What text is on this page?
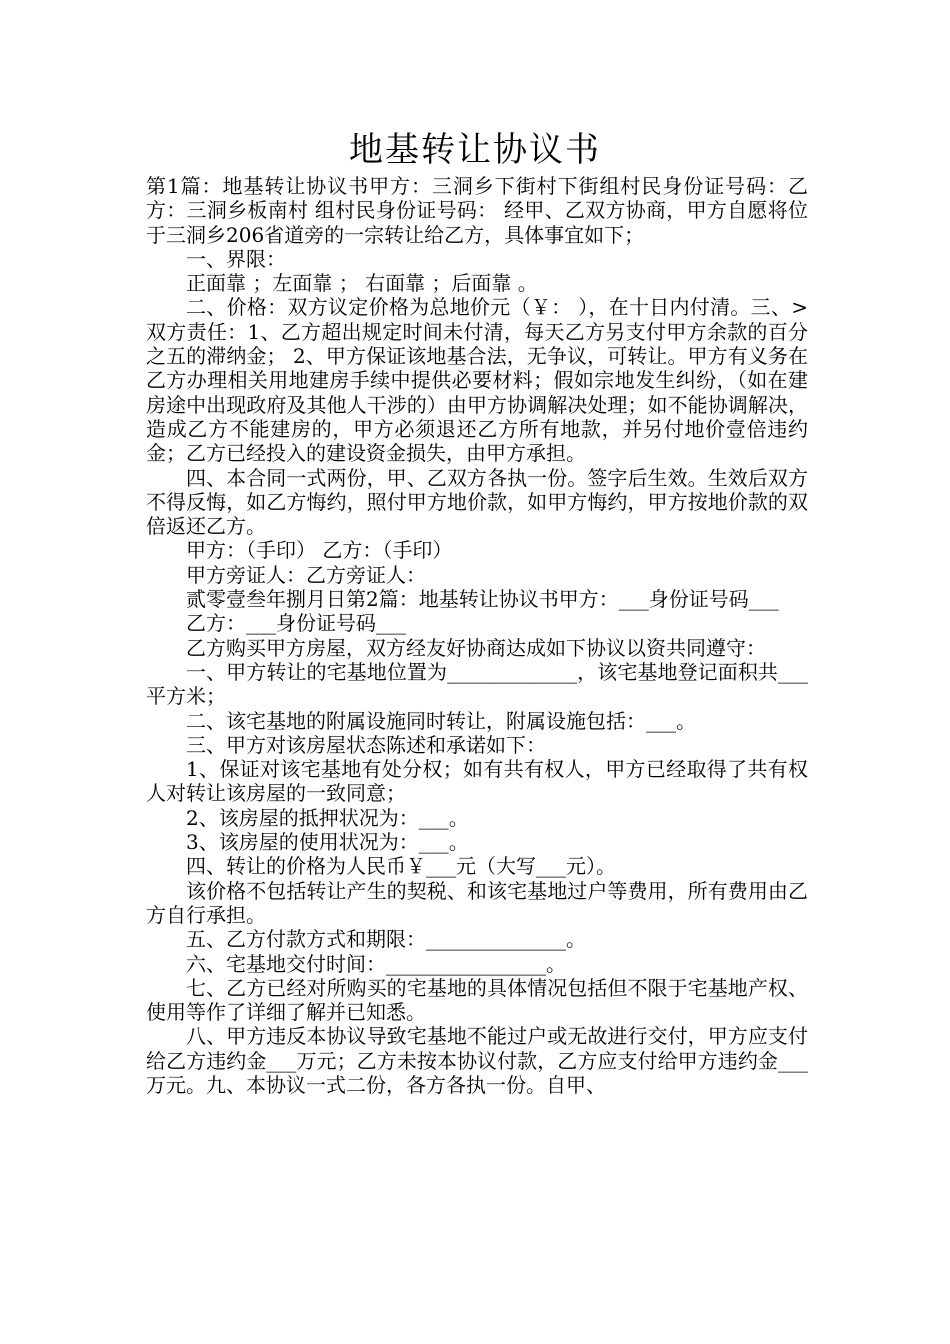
地基转让协议书

第1篇：地基转让协议书甲方：三洞乡下街村下街组村民身份证号码：乙方：三洞乡板南村 组村民身份证号码： 经甲、乙双方协商，甲方自愿将位于三洞乡206省道旁的一宗转让给乙方，具体事宜如下；

一、界限：

正面靠 ；左面靠 ； 右面靠 ；后面靠 。

二、价格：双方议定价格为总地价元（￥： ），在十日内付清。三、>双方责任：1、乙方超出规定时间未付清，每天乙方另支付甲方余款的百分之五的滞纳金； 2、甲方保证该地基合法，无争议，可转让。甲方有义务在乙方办理相关用地建房手续中提供必要材料；假如宗地发生纠纷，（如在建房途中出现政府及其他人干涉的）由甲方协调解决处理；如不能协调解决，造成乙方不能建房的，甲方必须退还乙方所有地款，并另付地价壹倍违约金；乙方已经投入的建设资金损失，由甲方承担。

四、本合同一式两份，甲、乙双方各执一份。签字后生效。生效后双方不得反悔，如乙方悔约，照付甲方地价款，如甲方悔约，甲方按地价款的双倍返还乙方。

甲方：（手印） 乙方：（手印）

甲方旁证人：乙方旁证人：

贰零壹叁年捌月日第2篇：地基转让协议书甲方：___身份证号码___

乙方：___身份证号码___

乙方购买甲方房屋，双方经友好协商达成如下协议以资共同遵守：

一、甲方转让的宅基地位置为_____________，该宅基地登记面积共___平方米；

二、该宅基地的附属设施同时转让，附属设施包括：___。

三、甲方对该房屋状态陈述和承诺如下：

1、保证对该宅基地有处分权；如有共有权人，甲方已经取得了共有权人对转让该房屋的一致同意；

2、该房屋的抵押状况为：___。

3、该房屋的使用状况为：___。

四、转让的价格为人民币￥___元（大写___元）。

该价格不包括转让产生的契税、和该宅基地过户等费用，所有费用由乙方自行承担。

五、乙方付款方式和期限：______________。

六、宅基地交付时间：________________。

七、乙方已经对所购买的宅基地的具体情况包括但不限于宅基地产权、使用等作了详细了解并已知悉。

八、甲方违反本协议导致宅基地不能过户或无故进行交付，甲方应支付给乙方违约金___万元；乙方未按本协议付款，乙方应支付给甲方违约金___万元。九、本协议一式二份，各方各执一份。自甲、
